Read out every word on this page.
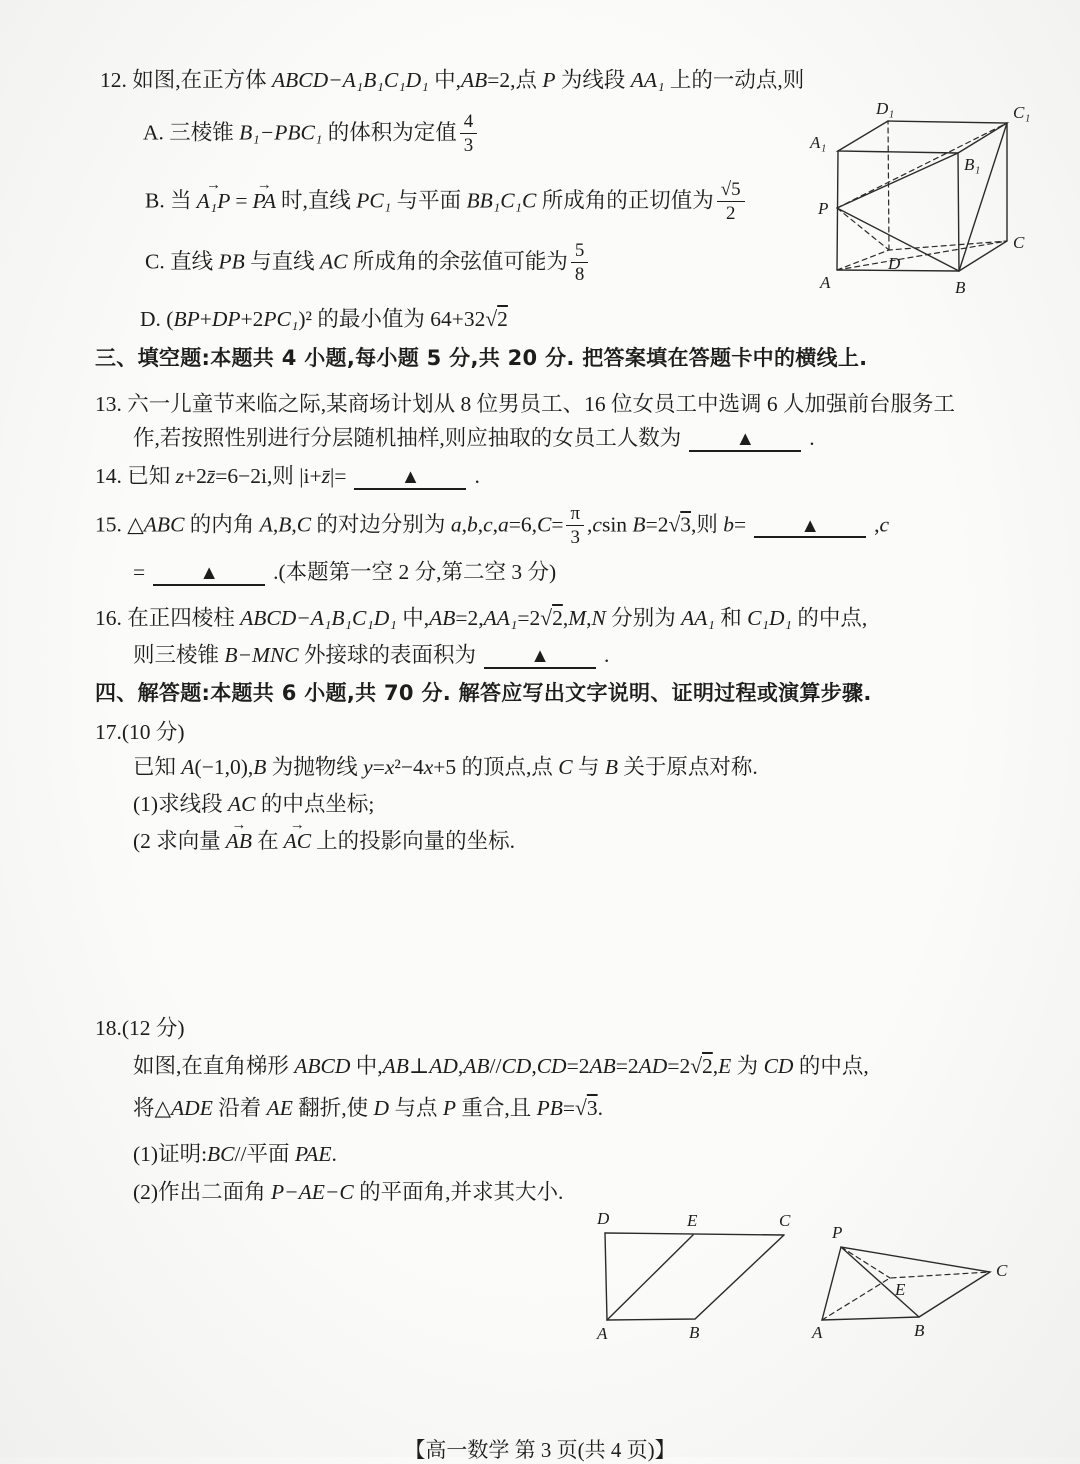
12. 如图,在正方体 ABCD−A₁B₁C₁D₁ 中,AB=2,点 P 为线段 AA₁ 上的一动点,则
A. 三棱锥 B₁−PBC₁ 的体积为定值 $\frac{4}{3}$
B. 当 A₁P → = PA → 时,直线 PC₁ 与平面 BB₁C₁C 所成角的正切值为 $\frac{√5}{2}$
C. 直线 PB 与直线 AC 所成角的余弦值可能为 $\frac{5}{8}$
D. (BP+DP+2PC₁)² 的最小值为 64+32√2
D₁	C₁
A₁
B₁
P
A	B
C
D
三、填空题:本题共 4 小题,每小题 5 分,共 20 分. 把答案填在答题卡中的横线上.
13. 六一儿童节来临之际,某商场计划从 8 位男员工、16 位女员工中选调 6 人加强前台服务工
作,若按照性别进行分层随机抽样,则应抽取的女员工人数为	▲	.
14. 已知 z+2z̄=6−2i,则 |i+z̄|=	▲	.
15. △ABC 的内角 A,B,C 的对边分别为 $a,b,c,a=6,C= \frac{\pi}{3} ,csin$ B=2√3,则 b=	▲	,c
=	▲	.(本题第一空 2 分,第二空 3 分)
16. 在正四棱柱 ABCD−A₁B₁C₁D₁ 中,AB=2,AA₁=2√2,M,N 分别为 AA₁ 和 C₁D₁ 的中点,
则三棱锥 B−MNC 外接球的表面积为	▲	.
四、解答题:本题共 6 小题,共 70 分. 解答应写出文字说明、证明过程或演算步骤.
17.(10 分)
已知 A(−1,0),B 为抛物线 y=x²−4x+5 的顶点,点 C 与 B 关于原点对称.
(1)求线段 AC 的中点坐标;
(2 求向量 AB → 在 AC → 上的投影向量的坐标.
18.(12 分)
如图,在直角梯形 ABCD 中,AB⊥AD,AB//CD,CD=2AB=2AD=2√2,E 为 CD 的中点,
将△ADE 沿着 AE 翻折,使 D 与点 P 重合,且 PB=√3.
(1)证明:BC//平面 PAE.
(2)作出二面角 P−AE−C 的平面角,并求其大小.
D	E	C
A	B
P
C
E
A	B
【高一数学 第 3 页(共 4 页)】
